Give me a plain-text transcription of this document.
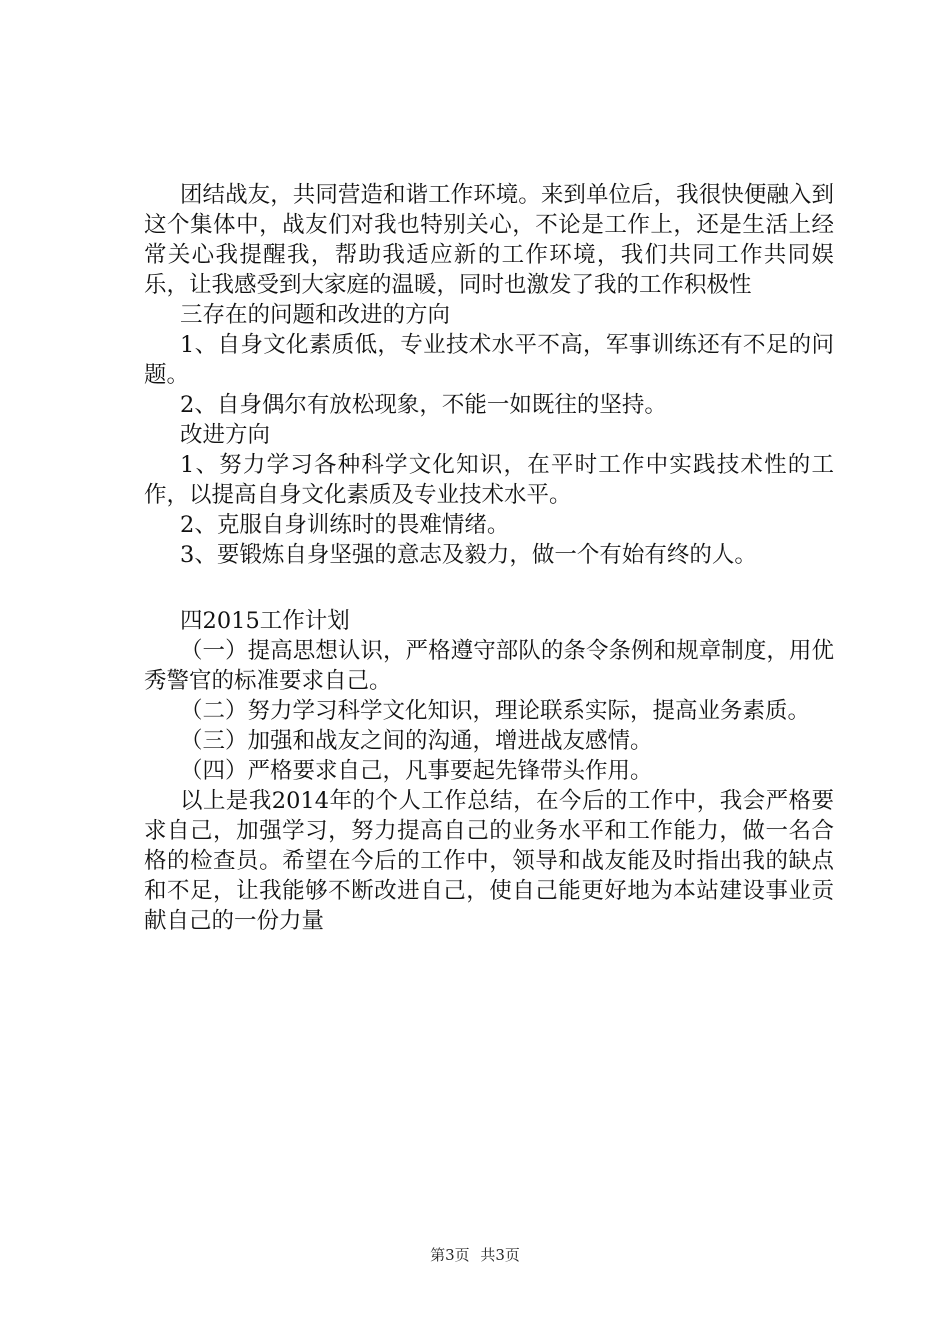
团结战友，共同营造和谐工作环境。来到单位后，我很快便融入到这个集体中，战友们对我也特别关心，不论是工作上，还是生活上经常关心我提醒我，帮助我适应新的工作环境，我们共同工作共同娱乐，让我感受到大家庭的温暖，同时也激发了我的工作积极性

三存在的问题和改进的方向

1、自身文化素质低，专业技术水平不高，军事训练还有不足的问题。

2、自身偶尔有放松现象，不能一如既往的坚持。

改进方向

1、努力学习各种科学文化知识，在平时工作中实践技术性的工作，以提高自身文化素质及专业技术水平。

2、克服自身训练时的畏难情绪。

3、要锻炼自身坚强的意志及毅力，做一个有始有终的人。

四2015工作计划

（一）提高思想认识，严格遵守部队的条令条例和规章制度，用优秀警官的标准要求自己。

（二）努力学习科学文化知识，理论联系实际，提高业务素质。

（三）加强和战友之间的沟通，增进战友感情。

（四）严格要求自己，凡事要起先锋带头作用。

以上是我2014年的个人工作总结，在今后的工作中，我会严格要求自己，加强学习，努力提高自己的业务水平和工作能力，做一名合格的检查员。希望在今后的工作中，领导和战友能及时指出我的缺点和不足，让我能够不断改进自己，使自己能更好地为本站建设事业贡献自己的一份力量

第3页 共3页
